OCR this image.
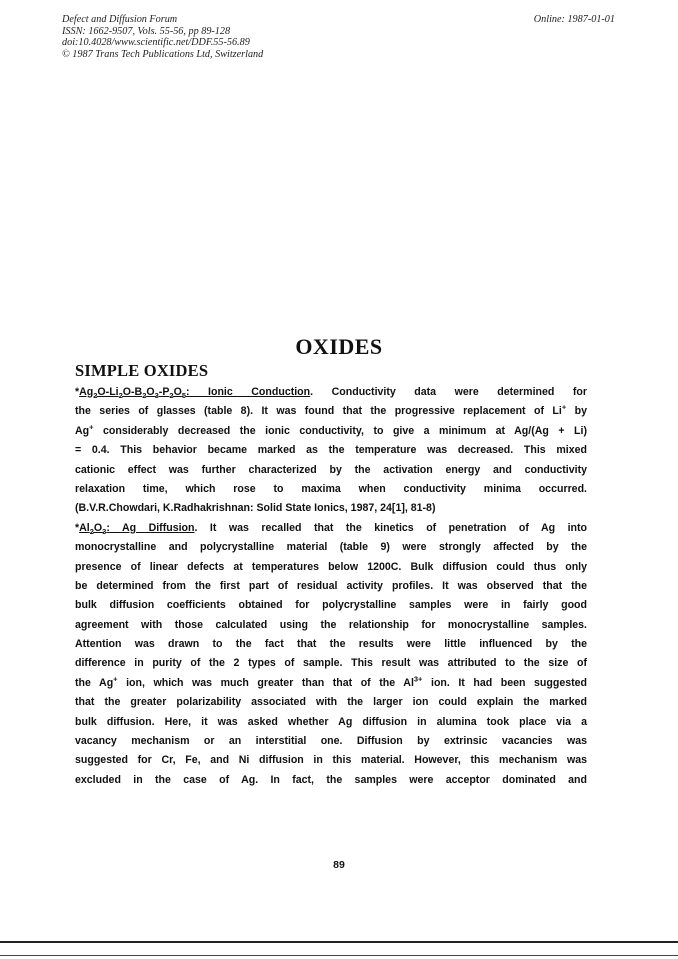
Defect and Diffusion Forum
ISSN: 1662-9507, Vols. 55-56, pp 89-128
doi:10.4028/www.scientific.net/DDF.55-56.89
© 1987 Trans Tech Publications Ltd, Switzerland
Online: 1987-01-01
OXIDES
SIMPLE OXIDES
$*Ag_2O-Li_2O-B_2O_3-P_2O_5$: Ionic Conduction. Conductivity data were determined for
the series of glasses (table 8). It was found that the progressive replacement of Li+ by
Ag+ considerably decreased the ionic conductivity, to give a minimum at Ag/(Ag + Li)
= 0.4. This behavior became marked as the temperature was decreased. This mixed
cationic effect was further characterized by the activation energy and conductivity
relaxation time, which rose to maxima when conductivity minima occurred.
(B.V.R.Chowdari, K.Radhakrishnan: Solid State Ionics, 1987, 24[1], 81-8)
$*Al_2O_3$: Ag Diffusion. It was recalled that the kinetics of penetration of Ag into
monocrystalline and polycrystalline material (table 9) were strongly affected by the
presence of linear defects at temperatures below 1200C. Bulk diffusion could thus only
be determined from the first part of residual activity profiles. It was observed that the
bulk diffusion coefficients obtained for polycrystalline samples were in fairly good
agreement with those calculated using the relationship for monocrystalline samples.
Attention was drawn to the fact that the results were little influenced by the
difference in purity of the 2 types of sample. This result was attributed to the size of
the Ag+ ion, which was much greater than that of the $Al^{3+}$ ion. It had been suggested
that the greater polarizability associated with the larger ion could explain the marked
bulk diffusion. Here, it was asked whether Ag diffusion in alumina took place via a
vacancy mechanism or an interstitial one. Diffusion by extrinsic vacancies was
suggested for Cr, Fe, and Ni diffusion in this material. However, this mechanism was
excluded in the case of Ag. In fact, the samples were acceptor dominated and
89
